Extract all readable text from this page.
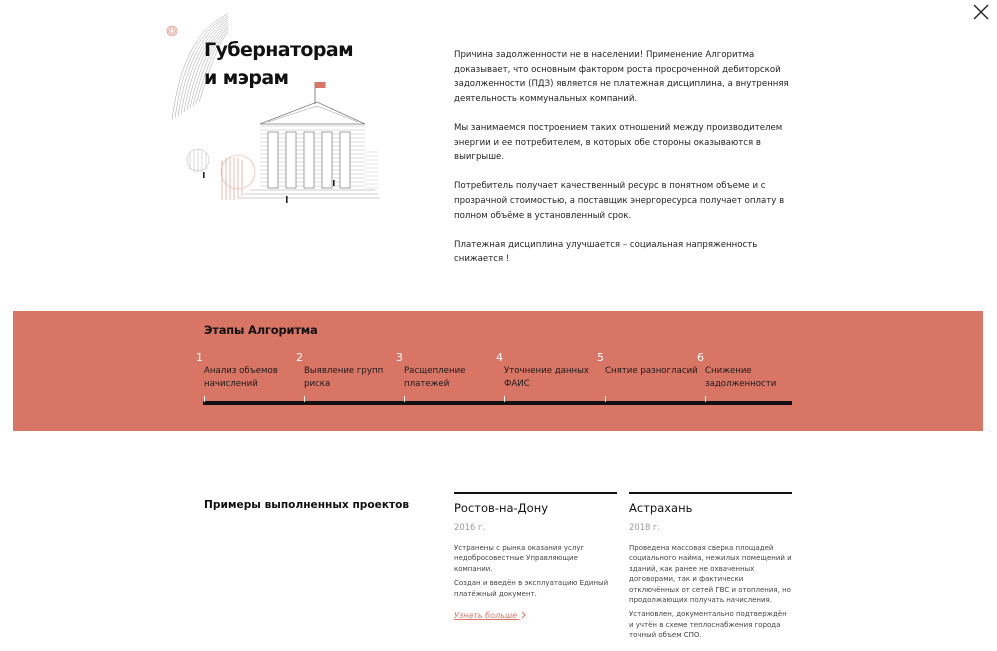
Губернаторам
и мэрам

Причина задолженности не в населении! Применение Алгоритма доказывает, что основным фактором роста просроченной дебиторской задолженности (ПДЗ) является не платежная дисциплина, а внутренняя деятельность коммунальных компаний.

Мы занимаемся построением таких отношений между производителем энергии и ее потребителем, в которых обе стороны оказываются в выигрыше.

Потребитель получает качественный ресурс в понятном объеме и с прозрачной стоимостью, а поставщик энергоресурса получает оплату в полном объёме в установленный срок.

Платежная дисциплина улучшается – социальная напряженность снижается !

Этапы Алгоритма
1
Анализ объемов начислений
2
Выявление групп риска
3
Расщепление платежей
4
Уточнение данных ФАИС
5
Снятие разногласий
6
Снижение задолженности
Примеры выполненных проектов	Ростов-на-Дону

2016 г.

Устранены с рынка оказания услуг недобросовестные Управляющие компании.

Создан и введён в эксплуатацию Единый платёжный документ.

Узнать больше
Астрахань

2018 г.

Проведена массовая сверка площадей социального найма, нежилых помещений и зданий, как ранее не охваченных договорами, так и фактически отключённых от сетей ГВС и отопления, но продолжающих получать начисления.

Установлен, документально подтверждён и учтён в схеме теплоснабжения города точный объем СПО.
